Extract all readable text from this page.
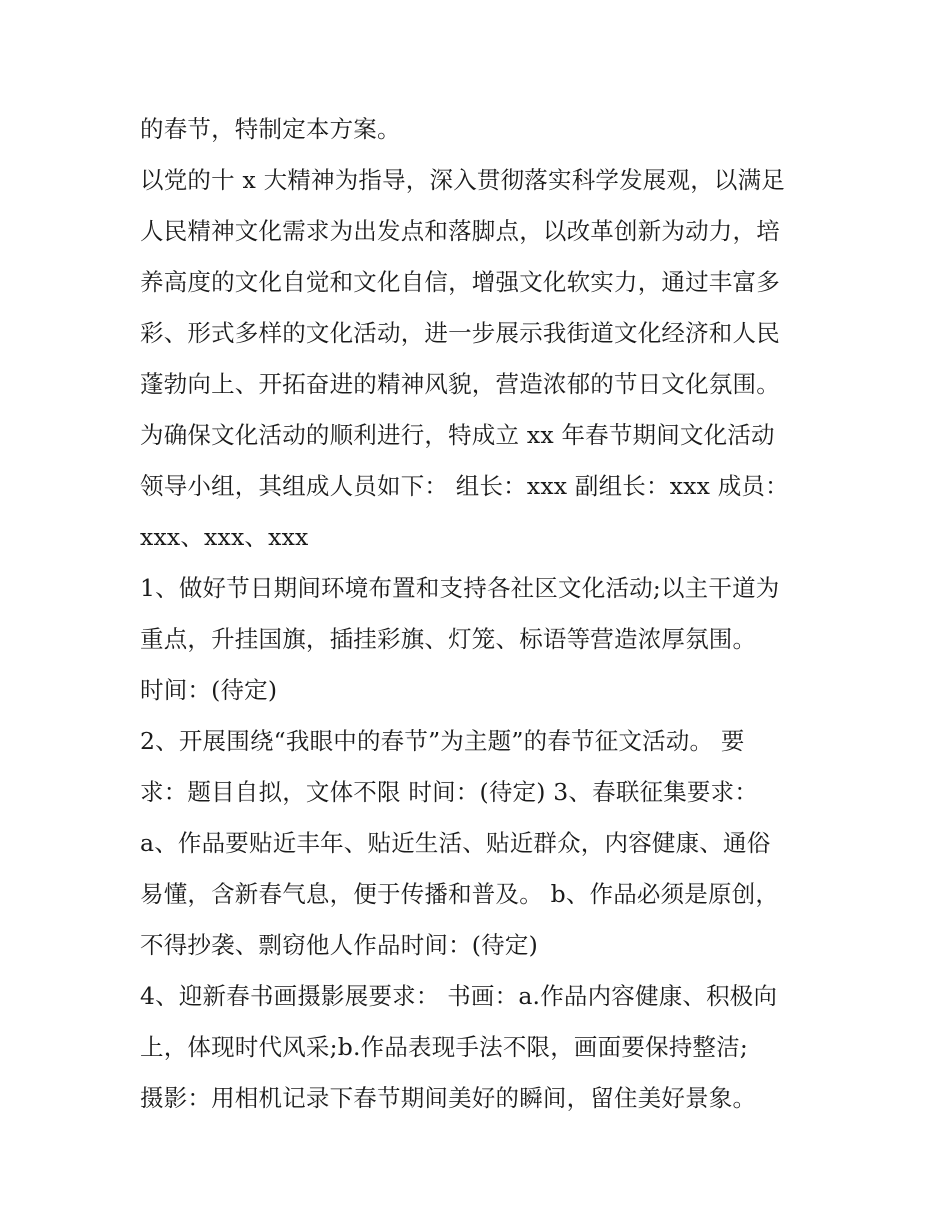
的春节，特制定本方案。
以党的十 x 大精神为指导，深入贯彻落实科学发展观，以满足
人民精神文化需求为出发点和落脚点，以改革创新为动力，培
养高度的文化自觉和文化自信，增强文化软实力，通过丰富多
彩、形式多样的文化活动，进一步展示我街道文化经济和人民
蓬勃向上、开拓奋进的精神风貌，营造浓郁的节日文化氛围。
为确保文化活动的顺利进行，特成立 xx 年春节期间文化活动
领导小组，其组成人员如下： 组长：xxx 副组长：xxx 成员：
xxx、xxx、xxx
1、做好节日期间环境布置和支持各社区文化活动;以主干道为
重点，升挂国旗，插挂彩旗、灯笼、标语等营造浓厚氛围。
时间：(待定)
2、开展围绕“我眼中的春节”为主题”的春节征文活动。 要
求：题目自拟，文体不限 时间：(待定) 3、春联征集要求：
a、作品要贴近丰年、贴近生活、贴近群众，内容健康、通俗
易懂，含新春气息，便于传播和普及。 b、作品必须是原创，
不得抄袭、剽窃他人作品时间：(待定)
4、迎新春书画摄影展要求： 书画：a.作品内容健康、积极向
上，体现时代风采;b.作品表现手法不限，画面要保持整洁;
摄影：用相机记录下春节期间美好的瞬间，留住美好景象。
